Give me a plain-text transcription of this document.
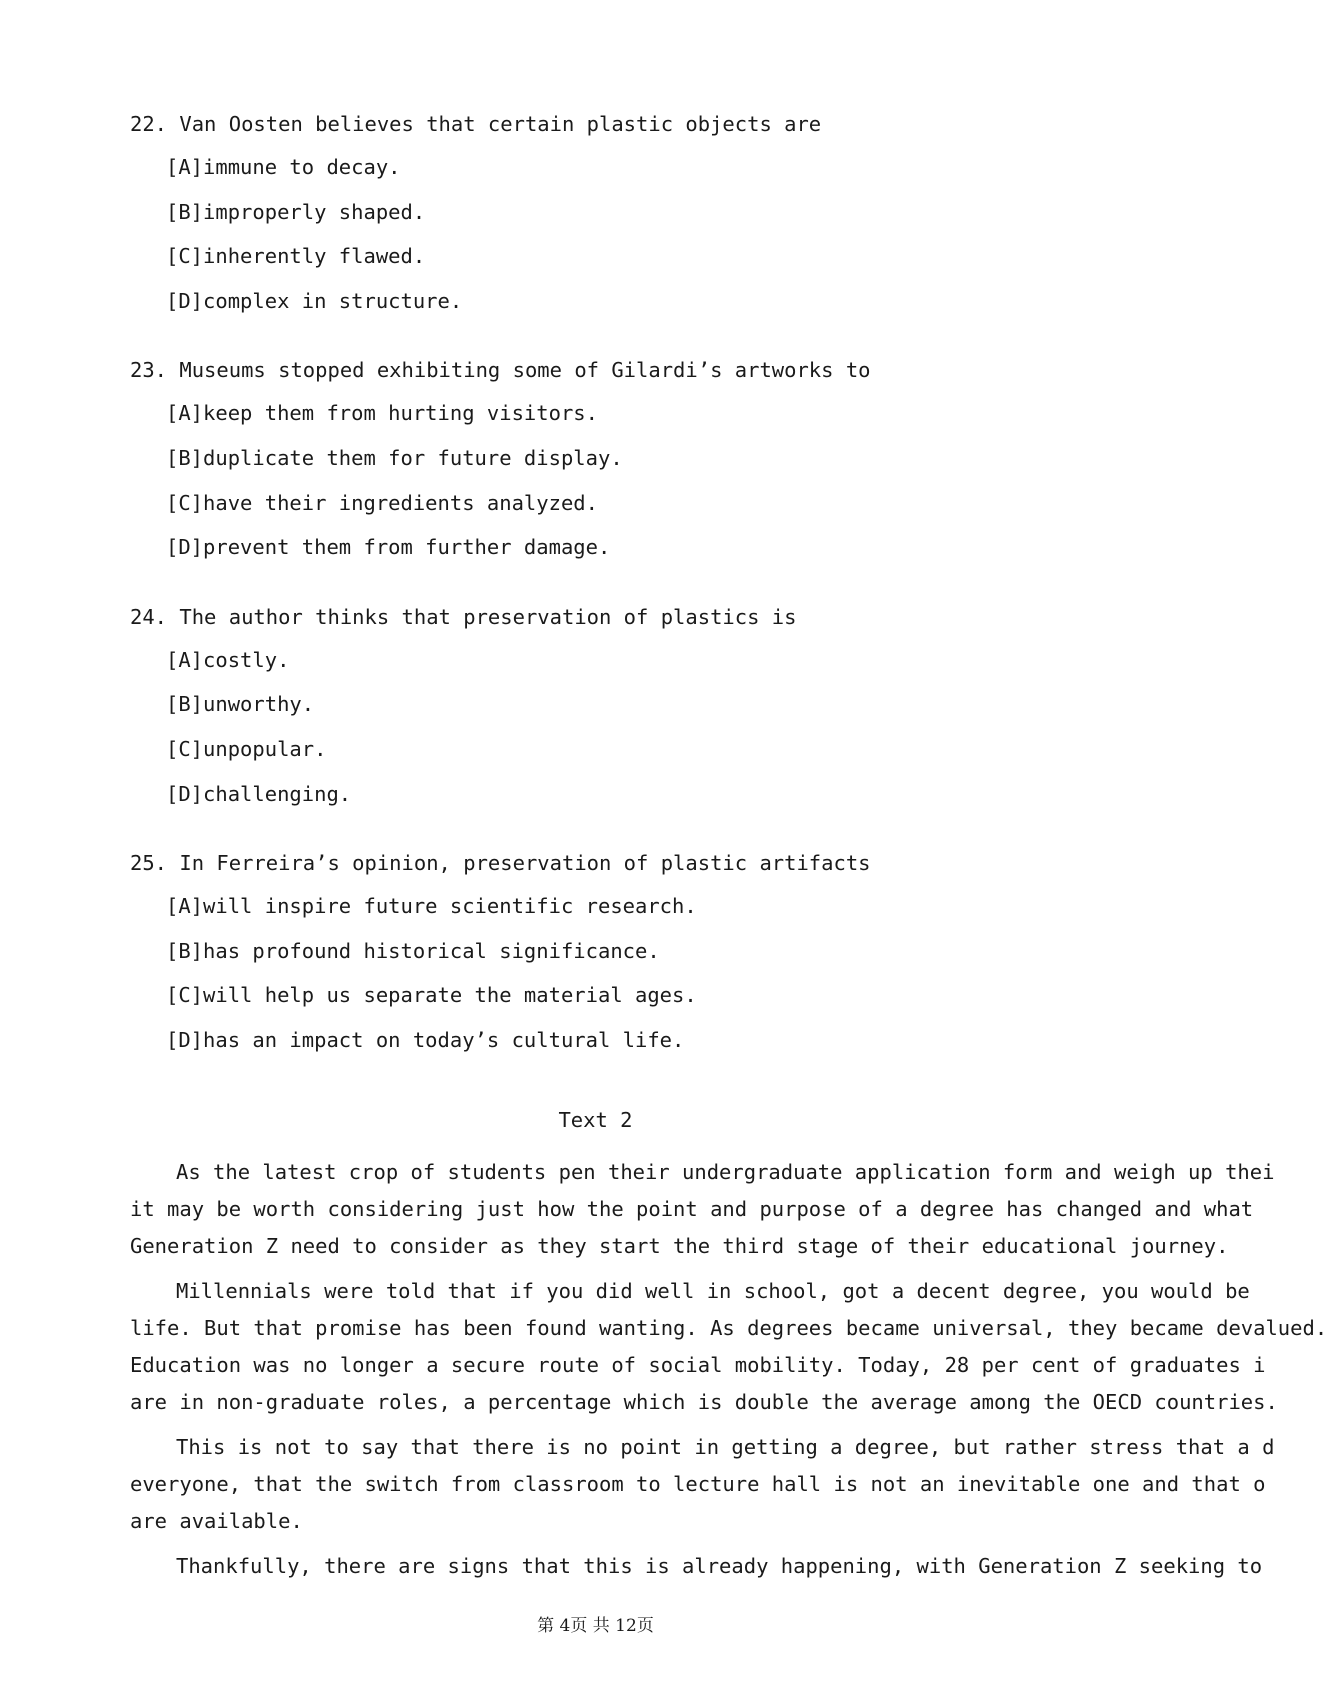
22. Van Oosten believes that certain plastic objects are
[A]immune to decay.
[B]improperly shaped.
[C]inherently flawed.
[D]complex in structure.
23. Museums stopped exhibiting some of Gilardi’s artworks to
[A]keep them from hurting visitors.
[B]duplicate them for future display.
[C]have their ingredients analyzed.
[D]prevent them from further damage.
24. The author thinks that preservation of plastics is
[A]costly.
[B]unworthy.
[C]unpopular.
[D]challenging.
25. In Ferreira’s opinion, preservation of plastic artifacts
[A]will inspire future scientific research.
[B]has profound historical significance.
[C]will help us separate the material ages.
[D]has an impact on today’s cultural life.
Text 2
As the latest crop of students pen their undergraduate application form and weigh up thei
it may be worth considering just how the point and purpose of a degree has changed and what
Generation Z need to consider as they start the third stage of their educational journey.
Millennials were told that if you did well in school, got a decent degree, you would be
life. But that promise has been found wanting. As degrees became universal, they became devalued.
Education was no longer a secure route of social mobility. Today, 28 per cent of graduates i
are in non-graduate roles, a percentage which is double the average among the OECD countries.
This is not to say that there is no point in getting a degree, but rather stress that a d
everyone, that the switch from classroom to lecture hall is not an inevitable one and that o
are available.
Thankfully, there are signs that this is already happening, with Generation Z seeking to
第 4页 共 12页
